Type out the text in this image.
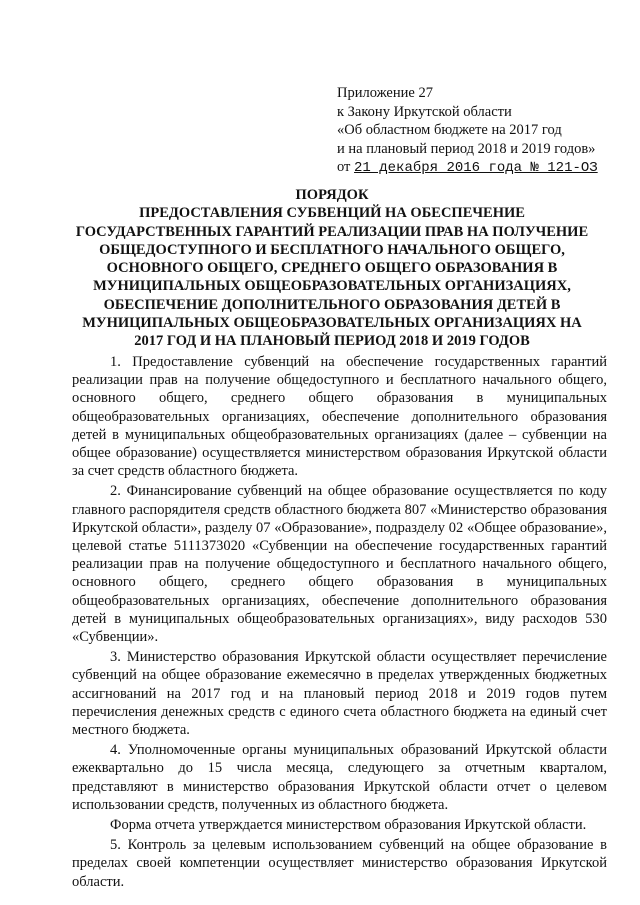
Приложение 27
к Закону Иркутской области
«Об областном бюджете на 2017 год
и на плановый период 2018 и 2019 годов»
от 21 декабря 2016 года № 121-ОЗ
ПОРЯДОК
ПРЕДОСТАВЛЕНИЯ СУБВЕНЦИЙ НА ОБЕСПЕЧЕНИЕ
ГОСУДАРСТВЕННЫХ ГАРАНТИЙ РЕАЛИЗАЦИИ ПРАВ НА ПОЛУЧЕНИЕ
ОБЩЕДОСТУПНОГО И БЕСПЛАТНОГО НАЧАЛЬНОГО ОБЩЕГО,
ОСНОВНОГО ОБЩЕГО, СРЕДНЕГО ОБЩЕГО ОБРАЗОВАНИЯ В
МУНИЦИПАЛЬНЫХ ОБЩЕОБРАЗОВАТЕЛЬНЫХ ОРГАНИЗАЦИЯХ,
ОБЕСПЕЧЕНИЕ ДОПОЛНИТЕЛЬНОГО ОБРАЗОВАНИЯ ДЕТЕЙ В
МУНИЦИПАЛЬНЫХ ОБЩЕОБРАЗОВАТЕЛЬНЫХ ОРГАНИЗАЦИЯХ НА
2017 ГОД И НА ПЛАНОВЫЙ ПЕРИОД 2018 И 2019 ГОДОВ

1. Предоставление субвенций на обеспечение государственных гарантий реализации прав на получение общедоступного и бесплатного начального общего, основного общего, среднего общего образования в муниципальных общеобразовательных организациях, обеспечение дополнительного образования детей в муниципальных общеобразовательных организациях (далее – субвенции на общее образование) осуществляется министерством образования Иркутской области за счет средств областного бюджета.

2. Финансирование субвенций на общее образование осуществляется по коду главного распорядителя средств областного бюджета 807 «Министерство образования Иркутской области», разделу 07 «Образование», подразделу 02 «Общее образование», целевой статье 5111373020 «Субвенции на обеспечение государственных гарантий реализации прав на получение общедоступного и бесплатного начального общего, основного общего, среднего общего образования в муниципальных общеобразовательных организациях, обеспечение дополнительного образования детей в муниципальных общеобразовательных организациях», виду расходов 530 «Субвенции».

3. Министерство образования Иркутской области осуществляет перечисление субвенций на общее образование ежемесячно в пределах утвержденных бюджетных ассигнований на 2017 год и на плановый период 2018 и 2019 годов путем перечисления денежных средств с единого счета областного бюджета на единый счет местного бюджета.

4. Уполномоченные органы муниципальных образований Иркутской области ежеквартально до 15 числа месяца, следующего за отчетным кварталом, представляют в министерство образования Иркутской области отчет о целевом использовании средств, полученных из областного бюджета.

Форма отчета утверждается министерством образования Иркутской области.

5. Контроль за целевым использованием субвенций на общее образование в пределах своей компетенции осуществляет министерство образования Иркутской области.
